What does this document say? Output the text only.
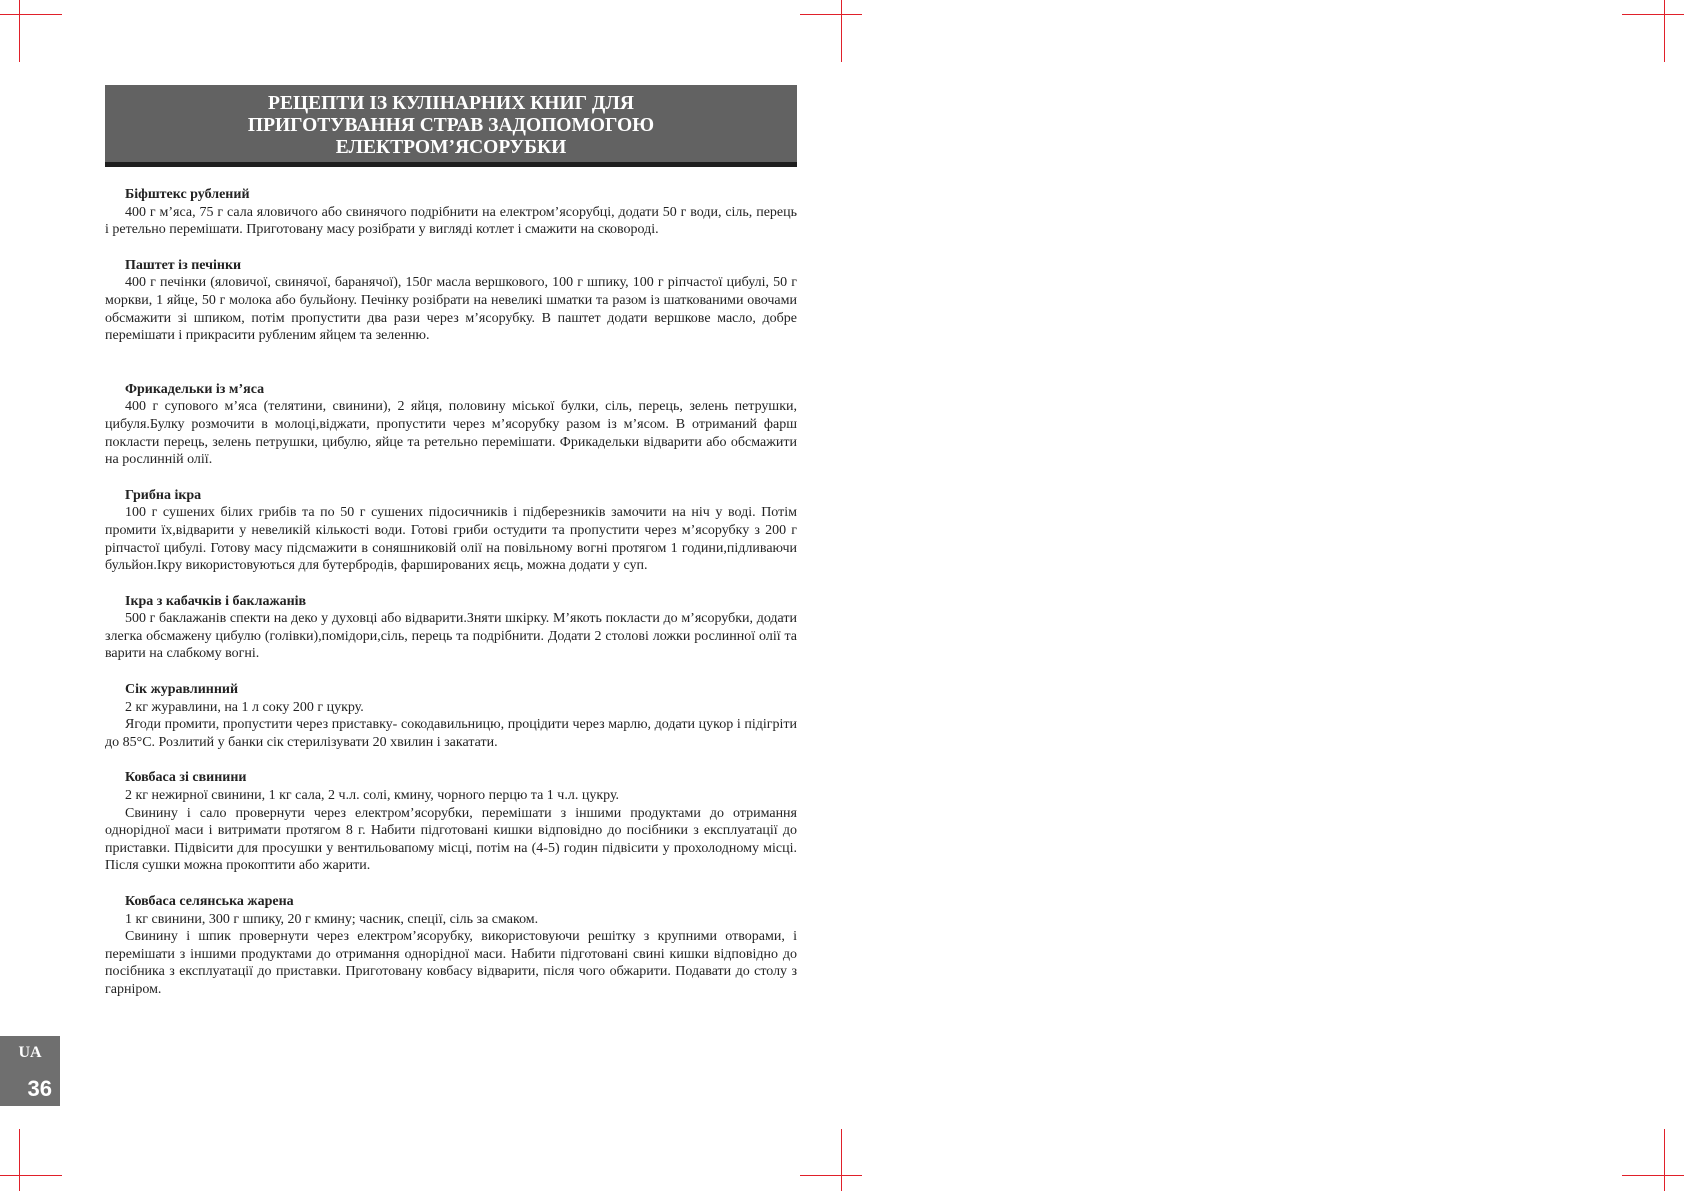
РЕЦЕПТИ ІЗ КУЛІНАРНИХ КНИГ ДЛЯ
ПРИГОТУВАННЯ СТРАВ ЗАДОПОМОГОЮ
ЕЛЕКТРОМ’ЯСОРУБКИ
Біфштекс рублений

400 г м’яса, 75 г сала яловичого або свинячого подрібнити на електром’ясорубці, додати 50 г води, сіль, перець і ретельно перемішати. Приготовану масу розібрати у вигляді котлет і смажити на сковороді.

Паштет із печінки

400 г печінки (яловичої, свинячої, баранячої), 150г масла вершкового, 100 г шпику, 100 г ріпчастої цибулі, 50 г моркви, 1 яйце, 50 г молока або бульйону. Печінку розібрати на невеликі шматки та разом із шаткованими овочами обсмажити зі шпиком, потім пропустити два рази через м’ясорубку. В паштет додати вершкове масло, добре перемішати і прикрасити рубленим яйцем та зеленню.

Фрикадельки із м’яса

400 г супового м’яса (телятини, свинини), 2 яйця, половину міської булки, сіль, перець, зелень петрушки, цибуля.Булку розмочити в молоці,віджати, пропустити через м’ясорубку разом із м’ясом. В отриманий фарш покласти перець, зелень петрушки, цибулю, яйце та ретельно перемішати. Фрикадельки відварити або обсмажити на рослинній олії.

Грибна ікра

100 г сушених білих грибів та по 50 г сушених підосичників і підберезників замочити на ніч у воді. Потім промити їх,відварити у невеликій кількості води. Готові гриби остудити та пропустити через м’ясорубку з 200 г ріпчастої цибулі. Готову масу підсмажити в соняшниковій олії на повільному вогні протягом 1 години,підливаючи бульйон.Ікру використовуються для бутербродів, фаршированих яєць, можна додати у суп.

Ікра з кабачків і баклажанів

500 г баклажанів спекти на деко у духовці або відварити.Зняти шкірку. М’якоть покласти до м’ясорубки, додати злегка обсмажену цибулю (голівки),помідори,сіль, перець та подрібнити. Додати 2 столові ложки рослинної олії та варити на слабкому вогні.

Сік журавлинний

2 кг журавлини, на 1 л соку 200 г цукру.

Ягоди промити, пропустити через приставку- сокодавильницю, процідити через марлю, додати цукор і підігріти до 85°С. Розлитий у банки сік стерилізувати 20 хвилин і закатати.

Ковбаса зі свинини

2 кг нежирної свинини, 1 кг сала, 2 ч.л. солі, кмину, чорного перцю та 1 ч.л. цукру.

Свинину і сало провернути через електром’ясорубки, перемішати з іншими продуктами до отримання однорідної маси і витримати протягом 8 г. Набити підготовані кишки відповідно до посібники з експлуатації до приставки. Підвісити для просушки у вентильовапому місці, потім на (4-5) годин підвісити у прохолодному місці. Після сушки можна прокоптити або жарити.

Ковбаса селянська жарена

1 кг свинини, 300 г шпику, 20 г кмину; часник, спеції, сіль за смаком.

Свинину і шпик провернути через електром’ясорубку, використовуючи решітку з крупними отворами, і перемішати з іншими продуктами до отримання однорідної маси. Набити підготовані свині кишки відповідно до посібника з експлуатації до приставки. Приготовану ковбасу відварити, після чого обжарити. Подавати до столу з гарніром.

UA
36
